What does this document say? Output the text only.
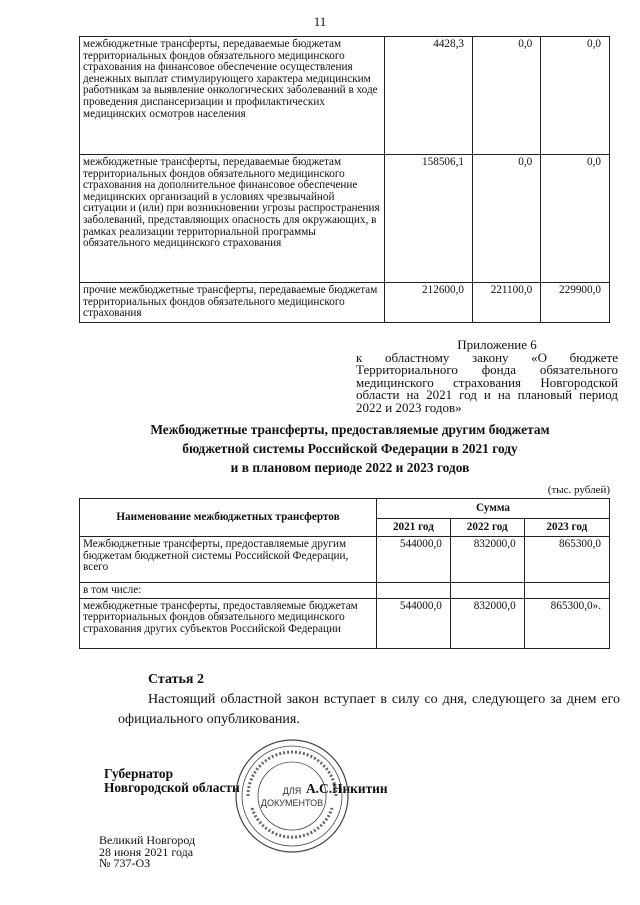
11
межбюджетные трансферты, передаваемые бюджетам территориальных фондов обязательного медицинского страхования на финансовое обеспечение осуществления денежных выплат стимулирующего характера медицинским работникам за выявление онкологических заболеваний в ходе проведения диспансеризации и профилактических медицинских осмотров населения	4428,3	0,0	0,0
межбюджетные трансферты, передаваемые бюджетам территориальных фондов обязательного медицинского страхования на дополнительное финансовое обеспечение медицинских организаций в условиях чрезвычайной ситуации и (или) при возникновении угрозы распространения заболеваний, представляющих опасность для окружающих, в рамках реализации территориальной программы обязательного медицинского страхования	158506,1	0,0	0,0
прочие межбюджетные трансферты, передаваемые бюджетам территориальных фондов обязательного медицинского страхования	212600,0	221100,0	229900,0
Приложение 6
к областному закону «О бюджете Территориального фонда обязательного медицинского страхования Новгородской области на 2021 год и на плановый период 2022 и 2023 годов»
Межбюджетные трансферты, предоставляемые другим бюджетам
бюджетной системы Российской Федерации в 2021 году
и в плановом периоде 2022 и 2023 годов
(тыс. рублей)
Наименование межбюджетных трансфертов	Сумма		
	2021 год	2022 год	2023 год
Межбюджетные трансферты, предоставляемые другим бюджетам бюджетной системы Российской Федерации, всего	544000,0	832000,0	865300,0
в том числе:			
межбюджетные трансферты, предоставляемые бюджетам территориальных фондов обязательного медицинского страхования других субъектов Российской Федерации	544000,0	832000,0	865300,0».
Статья 2
Настоящий областной закон вступает в силу со дня, следующего за днем его официального опубликования.
Губернатор
Новгородской области	А.С.Никитин
Великий Новгород
28 июня 2021 года
№ 737-ОЗ
ДЛЯ
ДОКУМЕНТОВ
